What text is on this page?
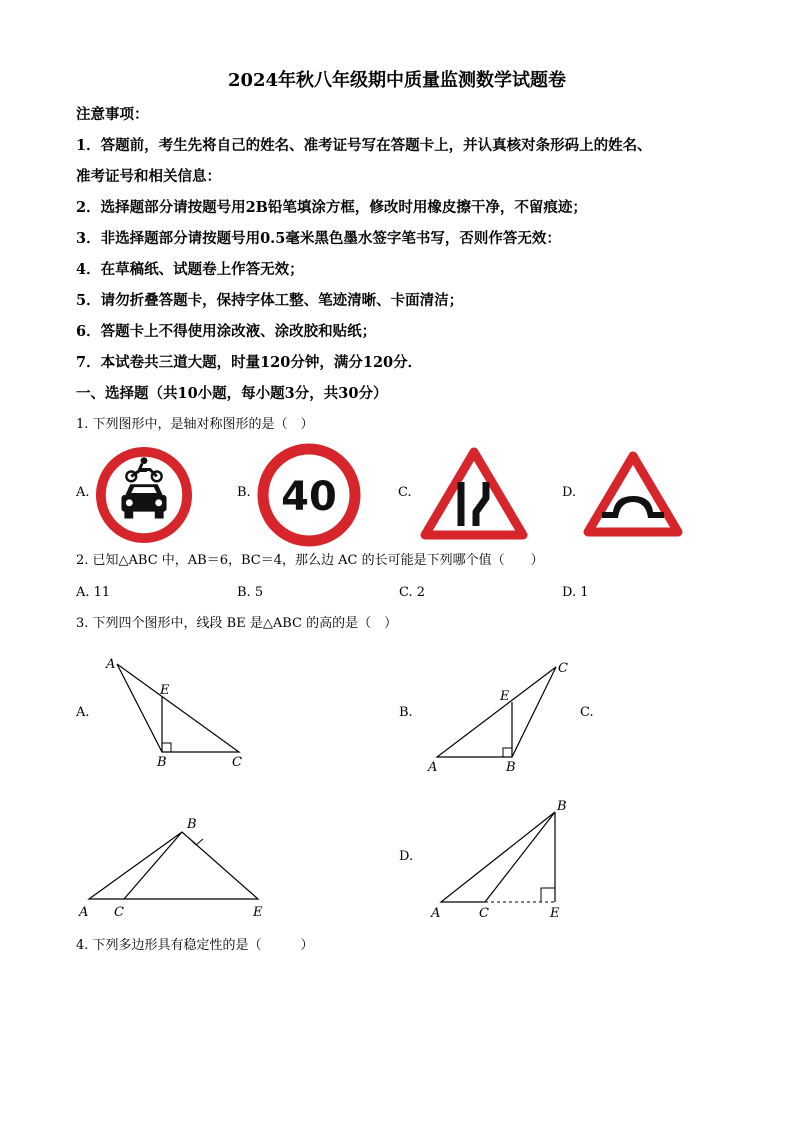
2024年秋八年级期中质量监测数学试题卷
注意事项：
1．答题前，考生先将自己的姓名、准考证号写在答题卡上，并认真核对条形码上的姓名、
准考证号和相关信息：
2．选择题部分请按题号用2B铅笔填涂方框，修改时用橡皮擦干净，不留痕迹；
3．非选择题部分请按题号用0.5毫米黑色墨水签字笔书写，否则作答无效：
4．在草稿纸、试题卷上作答无效；
5．请勿折叠答题卡，保持字体工整、笔迹清晰、卡面清洁；
6．答题卡上不得使用涂改液、涂改胶和贴纸；
7．本试卷共三道大题，时量120分钟，满分120分．
一、选择题（共10小题，每小题3分，共30分）
1. 下列图形中，是轴对称图形的是（　）
A.	B. 40	C.	D.
2. 已知△ABC 中，AB＝6，BC＝4，那么边 AC 的长可能是下列哪个值（　　）
A. 11	B. 5	C. 2	D. 1
3. 下列四个图形中，线段 BE 是△ABC 的高的是（　）
A.
A
E
B	C	A
E
B
C
A C
B
E	A	C
B
E
B.	C.
D.
4. 下列多边形具有稳定性的是（　　　）
